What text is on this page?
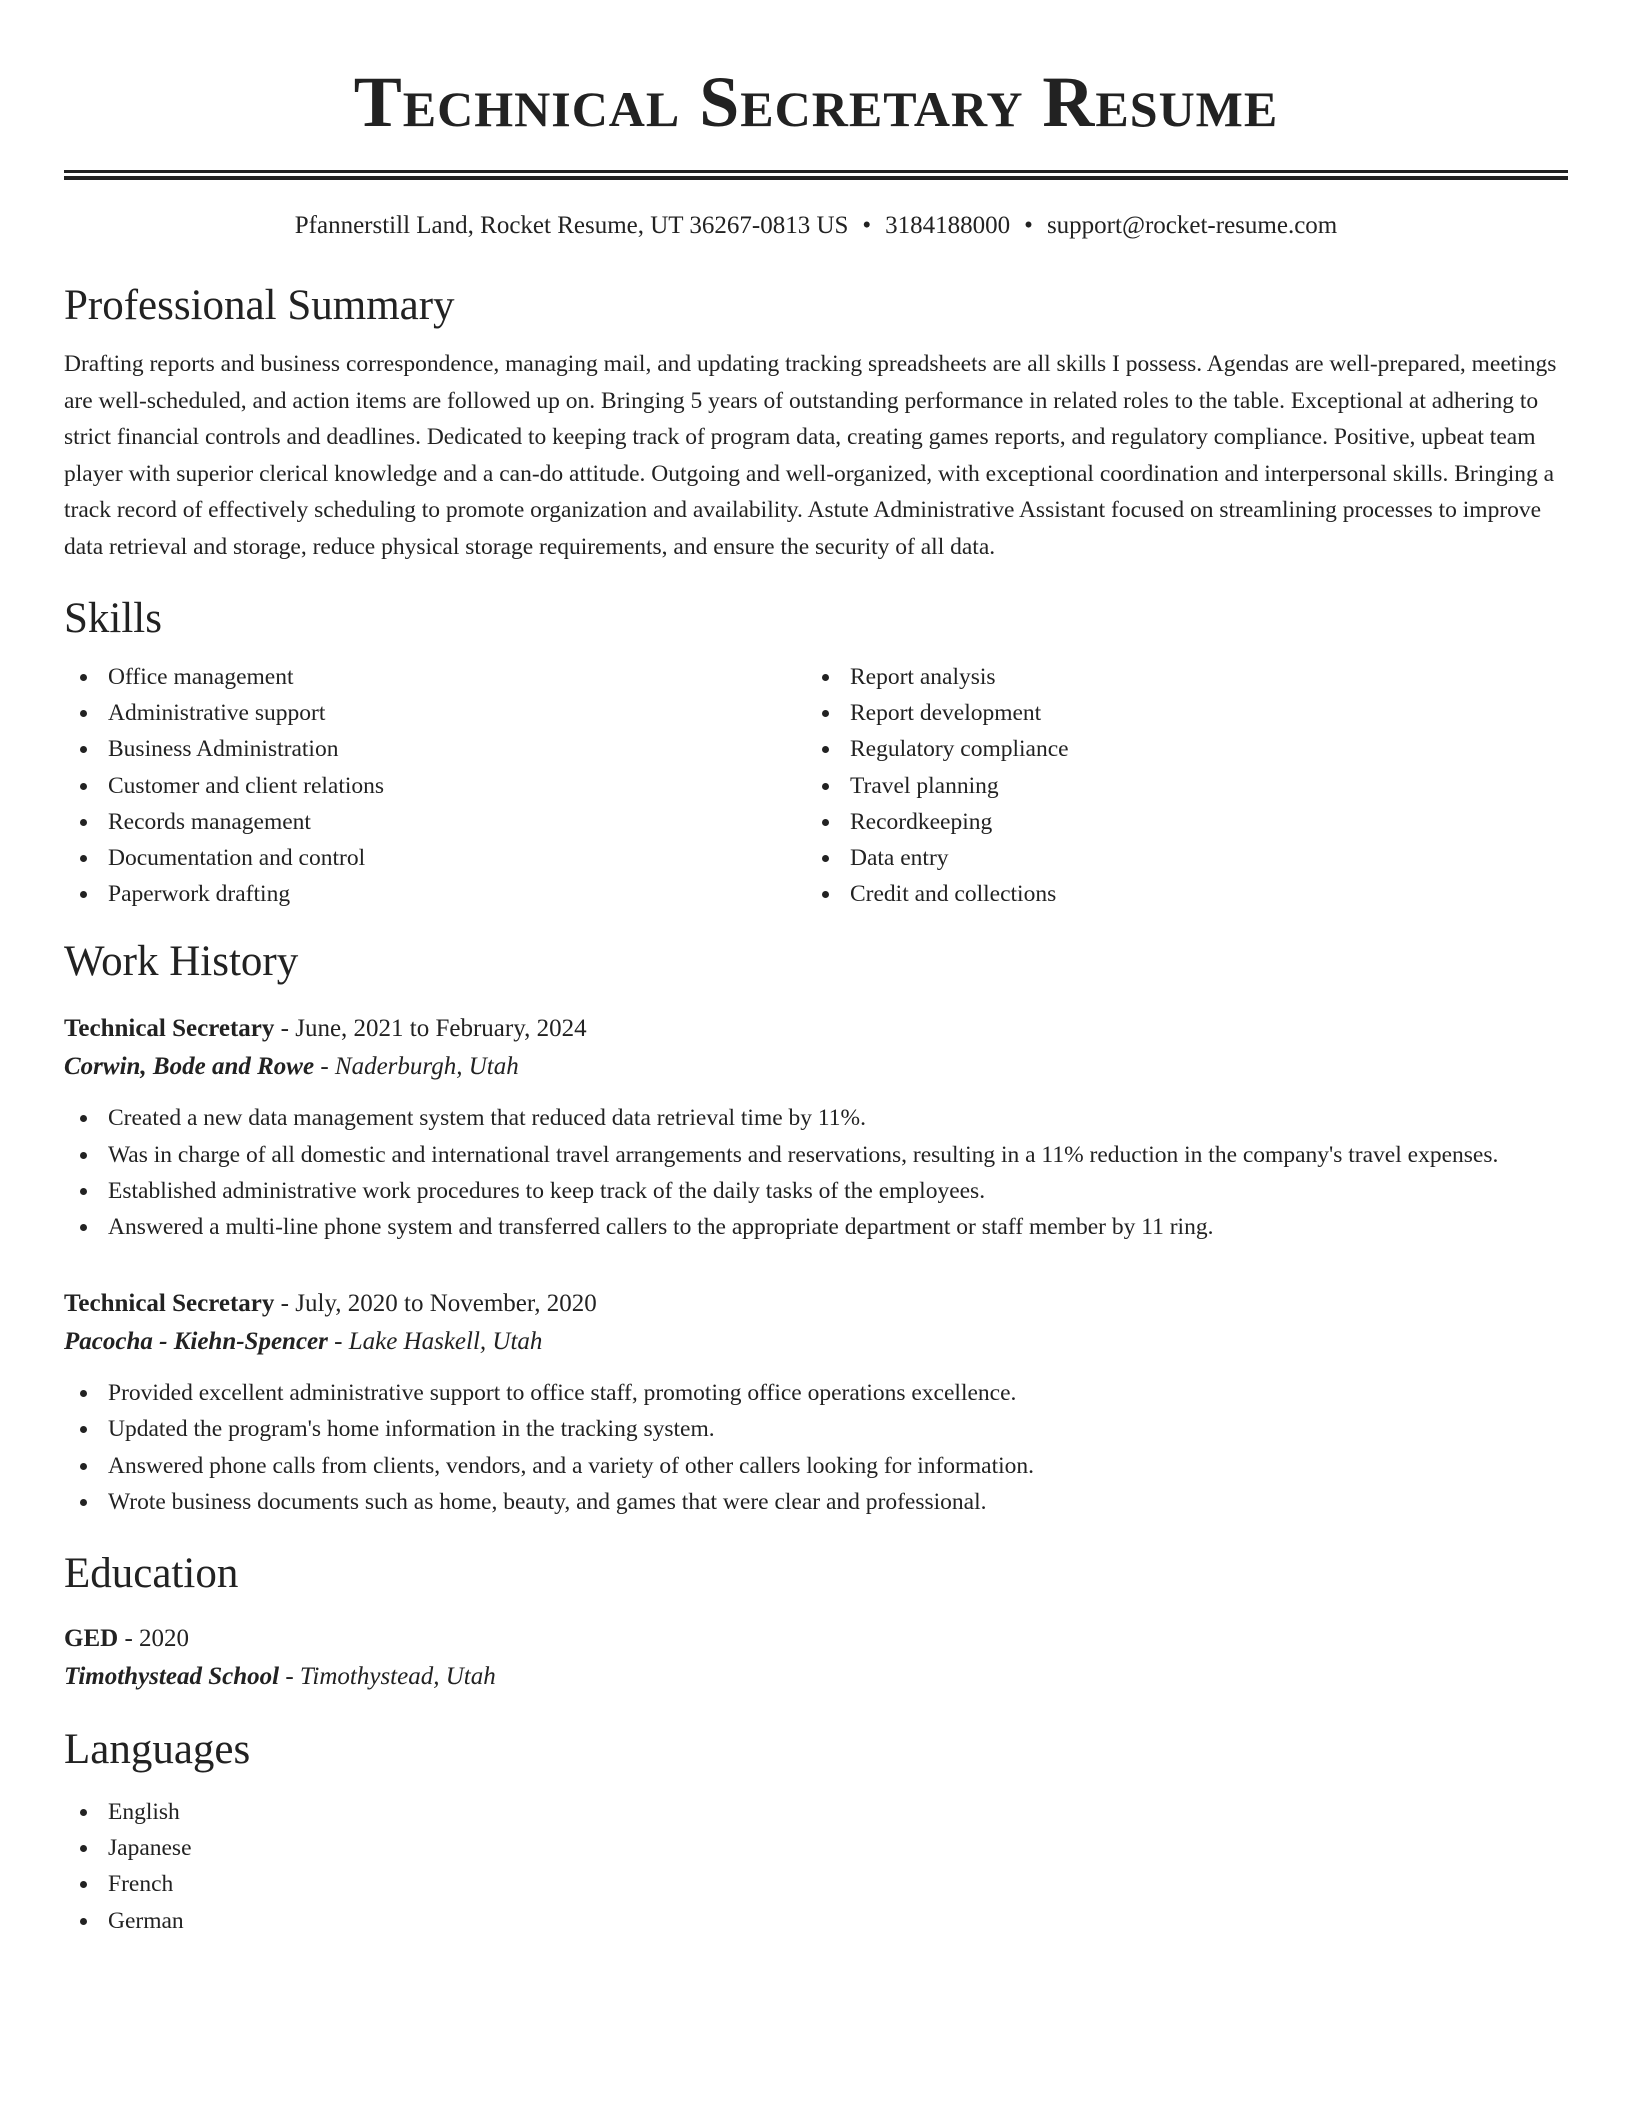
Technical Secretary Resume
Pfannerstill Land, Rocket Resume, UT 36267-0813 US • 3184188000 • support@rocket-resume.com
Professional Summary

Drafting reports and business correspondence, managing mail, and updating tracking spreadsheets are all skills I possess. Agendas are well-prepared, meetings are well-scheduled, and action items are followed up on. Bringing 5 years of outstanding performance in related roles to the table. Exceptional at adhering to strict financial controls and deadlines. Dedicated to keeping track of program data, creating games reports, and regulatory compliance. Positive, upbeat team player with superior clerical knowledge and a can-do attitude. Outgoing and well-organized, with exceptional coordination and interpersonal skills. Bringing a track record of effectively scheduling to promote organization and availability. Astute Administrative Assistant focused on streamlining processes to improve data retrieval and storage, reduce physical storage requirements, and ensure the security of all data.

Skills
Office management
Administrative support
Business Administration
Customer and client relations
Records management
Documentation and control
Paperwork drafting
Report analysis
Report development
Regulatory compliance
Travel planning
Recordkeeping
Data entry
Credit and collections
Work History
Technical Secretary - June, 2021 to February, 2024
Corwin, Bode and Rowe - Naderburgh, Utah
Created a new data management system that reduced data retrieval time by 11%.
Was in charge of all domestic and international travel arrangements and reservations, resulting in a 11% reduction in the company's travel expenses.
Established administrative work procedures to keep track of the daily tasks of the employees.
Answered a multi-line phone system and transferred callers to the appropriate department or staff member by 11 ring.
Technical Secretary - July, 2020 to November, 2020
Pacocha - Kiehn-Spencer - Lake Haskell, Utah
Provided excellent administrative support to office staff, promoting office operations excellence.
Updated the program's home information in the tracking system.
Answered phone calls from clients, vendors, and a variety of other callers looking for information.
Wrote business documents such as home, beauty, and games that were clear and professional.
Education
GED - 2020
Timothystead School - Timothystead, Utah
Languages
English
Japanese
French
German
